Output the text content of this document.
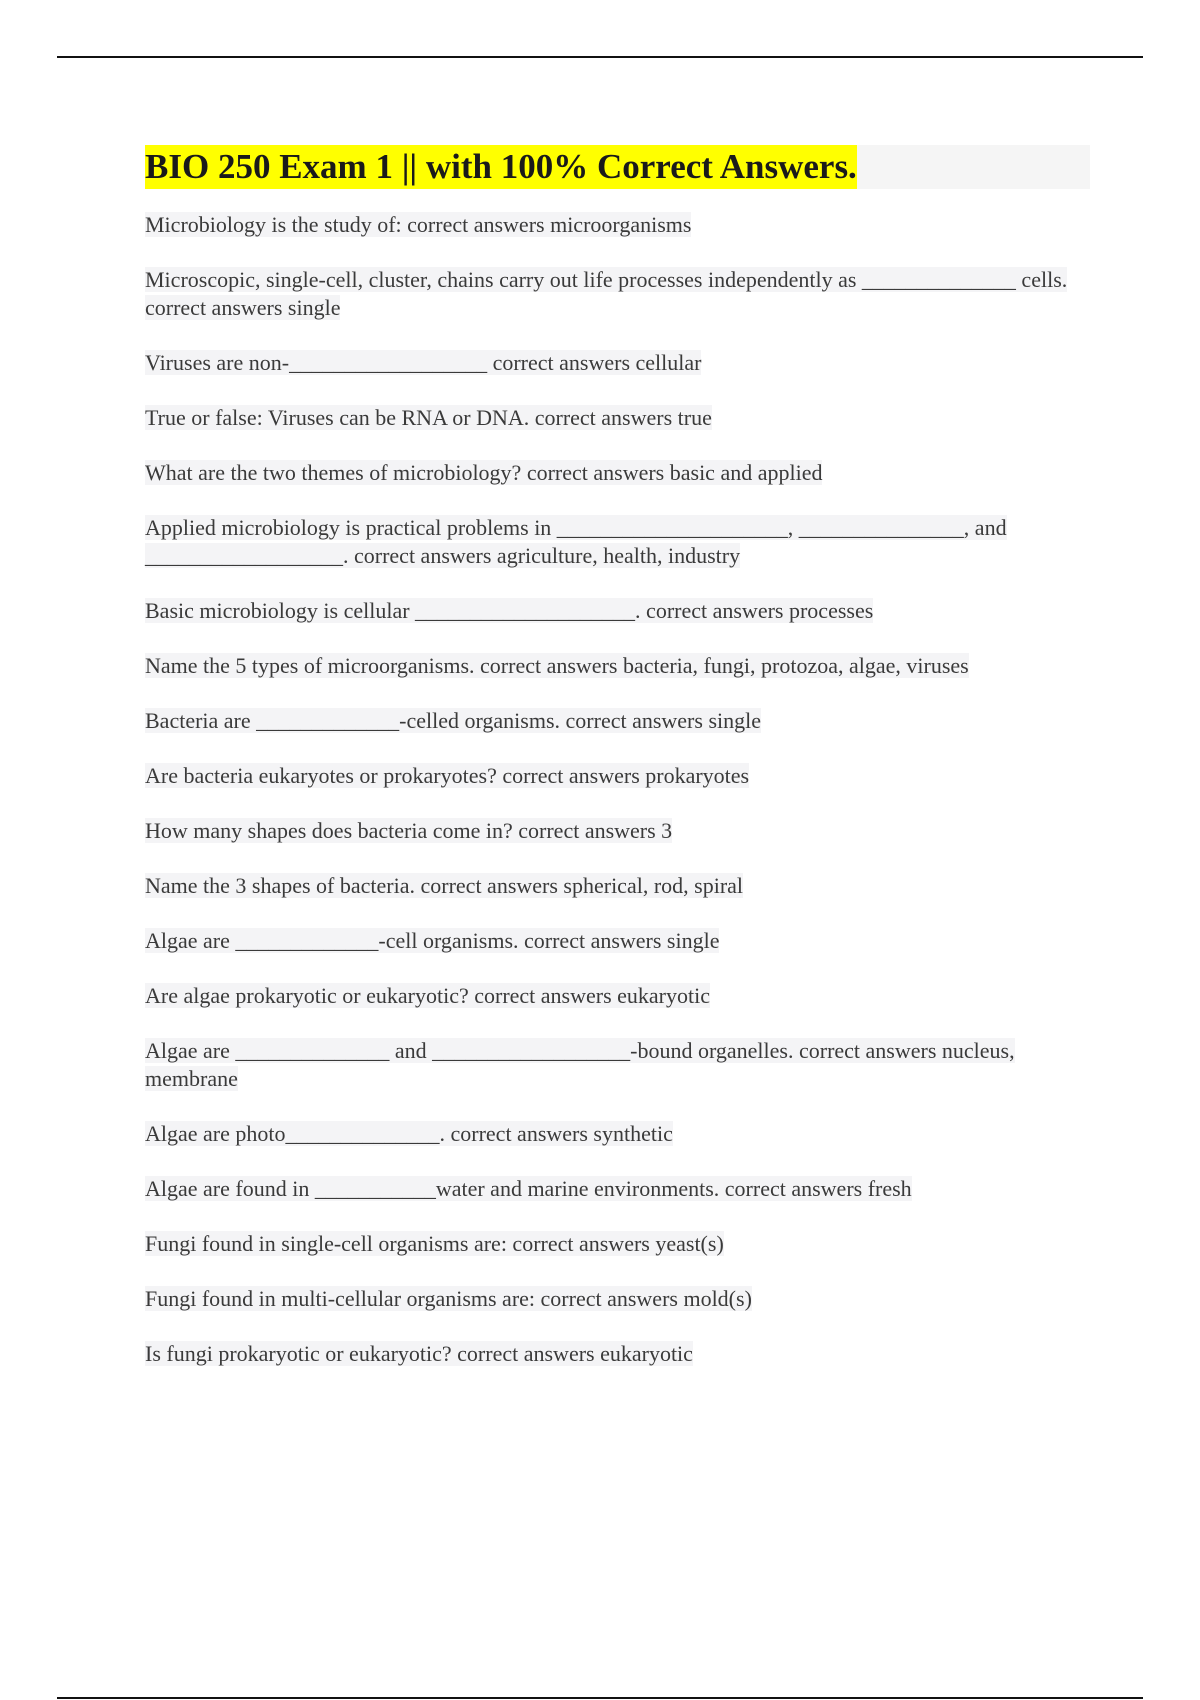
BIO 250 Exam 1 || with 100% Correct Answers.

Microbiology is the study of: correct answers microorganisms

Microscopic, single-cell, cluster, chains carry out life processes independently as ______________ cells. correct answers single

Viruses are non-__________________ correct answers cellular

True or false: Viruses can be RNA or DNA. correct answers true

What are the two themes of microbiology? correct answers basic and applied

Applied microbiology is practical problems in _____________________, _______________, and __________________. correct answers agriculture, health, industry

Basic microbiology is cellular ____________________. correct answers processes

Name the 5 types of microorganisms. correct answers bacteria, fungi, protozoa, algae, viruses

Bacteria are _____________-celled organisms. correct answers single

Are bacteria eukaryotes or prokaryotes? correct answers prokaryotes

How many shapes does bacteria come in? correct answers 3

Name the 3 shapes of bacteria. correct answers spherical, rod, spiral

Algae are _____________-cell organisms. correct answers single

Are algae prokaryotic or eukaryotic? correct answers eukaryotic

Algae are ______________ and __________________-bound organelles. correct answers nucleus, membrane

Algae are photo______________. correct answers synthetic

Algae are found in ___________water and marine environments. correct answers fresh

Fungi found in single-cell organisms are: correct answers yeast(s)

Fungi found in multi-cellular organisms are: correct answers mold(s)

Is fungi prokaryotic or eukaryotic? correct answers eukaryotic
